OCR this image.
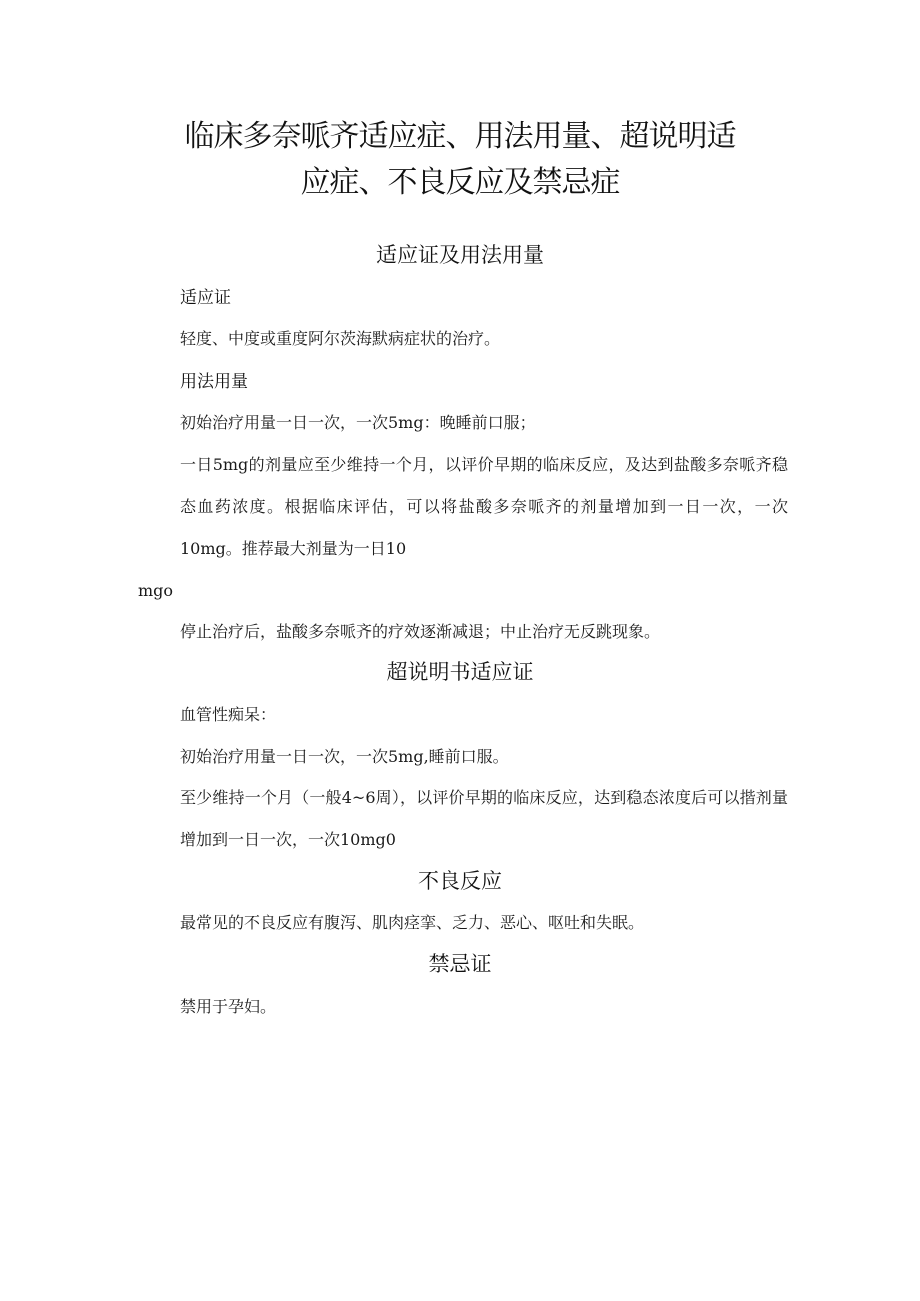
临床多奈哌齐适应症、用法用量、超说明适
应症、不良反应及禁忌症
适应证及用法用量
适应证
轻度、中度或重度阿尔茨海默病症状的治疗。
用法用量
初始治疗用量一日一次，一次5mg：晚睡前口服；
一日5mg的剂量应至少维持一个月，以评价早期的临床反应，及达到盐酸多奈哌齐稳态血药浓度。根据临床评估，可以将盐酸多奈哌齐的剂量增加到一日一次，一次10mg。推荐最大剂量为一日10
mgo
停止治疗后，盐酸多奈哌齐的疗效逐渐减退；中止治疗无反跳现象。
超说明书适应证
血管性痴呆：
初始治疗用量一日一次，一次5mg,睡前口服。
至少维持一个月（一般4~6周），以评价早期的临床反应，达到稳态浓度后可以揩剂量增加到一日一次，一次10mg0
不良反应
最常见的不良反应有腹泻、肌肉痉挛、乏力、恶心、呕吐和失眠。
禁忌证
禁用于孕妇。
